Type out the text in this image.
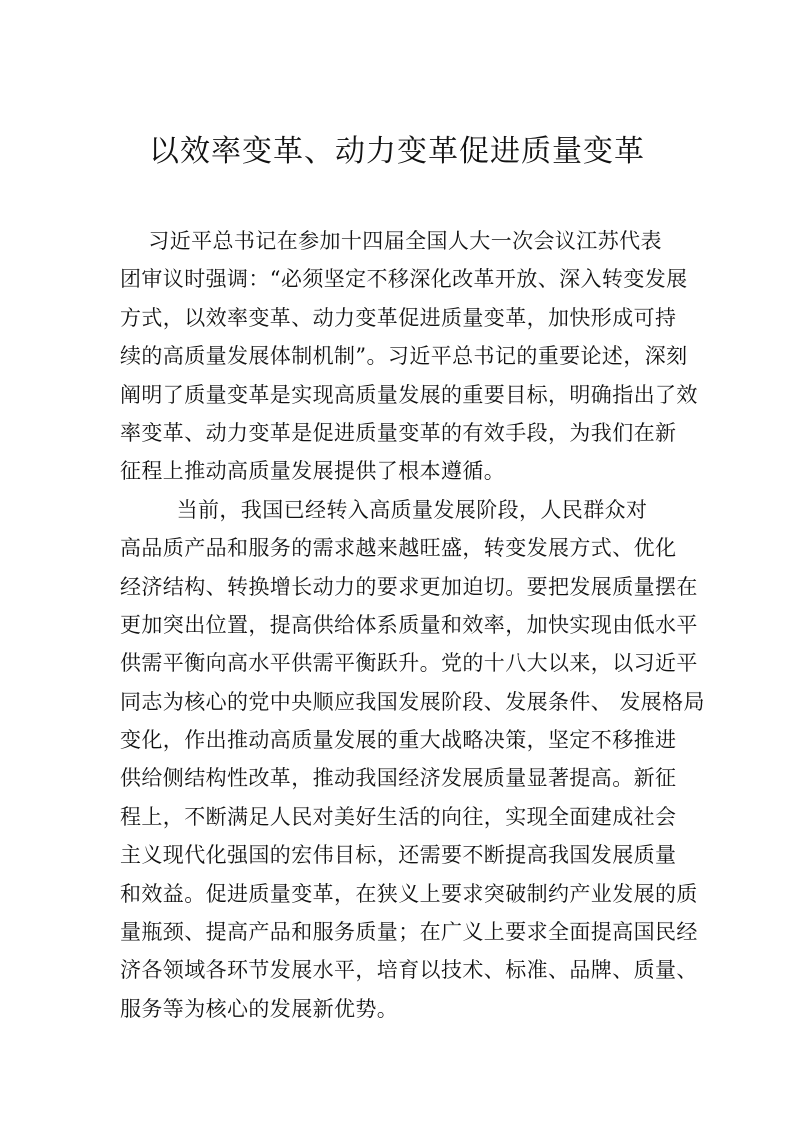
以效率变革、动力变革促进质量变革
习近平总书记在参加十四届全国人大一次会议江苏代表
团审议时强调：“必须坚定不移深化改革开放、深入转变发展
方式，以效率变革、动力变革促进质量变革，加快形成可持
续的高质量发展体制机制”。习近平总书记的重要论述，深刻
阐明了质量变革是实现高质量发展的重要目标，明确指出了效
率变革、动力变革是促进质量变革的有效手段，为我们在新
征程上推动高质量发展提供了根本遵循。
当前，我国已经转入高质量发展阶段，人民群众对
高品质产品和服务的需求越来越旺盛，转变发展方式、优化
经济结构、转换增长动力的要求更加迫切。要把发展质量摆在
更加突出位置，提高供给体系质量和效率，加快实现由低水平
供需平衡向高水平供需平衡跃升。党的十八大以来，以习近平
同志为核心的党中央顺应我国发展阶段、发展条件、 发展格局
变化，作出推动高质量发展的重大战略决策，坚定不移推进
供给侧结构性改革，推动我国经济发展质量显著提高。新征
程上，不断满足人民对美好生活的向往，实现全面建成社会
主义现代化强国的宏伟目标，还需要不断提高我国发展质量
和效益。促进质量变革，在狭义上要求突破制约产业发展的质
量瓶颈、提高产品和服务质量；在广义上要求全面提高国民经
济各领域各环节发展水平，培育以技术、标准、品牌、质量、
服务等为核心的发展新优势。
